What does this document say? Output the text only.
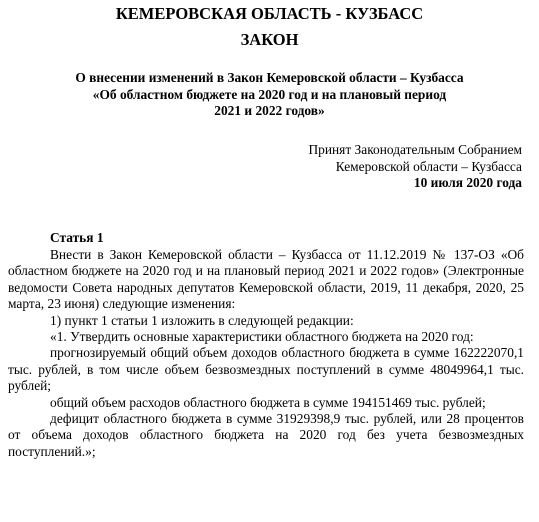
КЕМЕРОВСКАЯ ОБЛАСТЬ - КУЗБАСС
ЗАКОН
О внесении изменений в Закон Кемеровской области – Кузбасса
«Об областном бюджете на 2020 год и на плановый период
2021 и 2022 годов»
Принят Законодательным Собранием
Кемеровской области – Кузбасса
10 июля 2020 года
Статья 1

Внести в Закон Кемеровской области – Кузбасса от 11.12.2019 № 137-ОЗ «Об областном бюджете на 2020 год и на плановый период 2021 и 2022 годов» (Электронные ведомости Совета народных депутатов Кемеровской области, 2019, 11 декабря, 2020, 25 марта, 23 июня) следующие изменения:

1) пункт 1 статьи 1 изложить в следующей редакции:

«1. Утвердить основные характеристики областного бюджета на 2020 год:

прогнозируемый общий объем доходов областного бюджета в сумме 162222070,1 тыс. рублей, в том числе объем безвозмездных поступлений в сумме 48049964,1 тыс. рублей;

общий объем расходов областного бюджета в сумме 194151469 тыс. рублей;

дефицит областного бюджета в сумме 31929398,9 тыс. рублей, или 28 процентов от объема доходов областного бюджета на 2020 год без учета безвозмездных поступлений.»;
